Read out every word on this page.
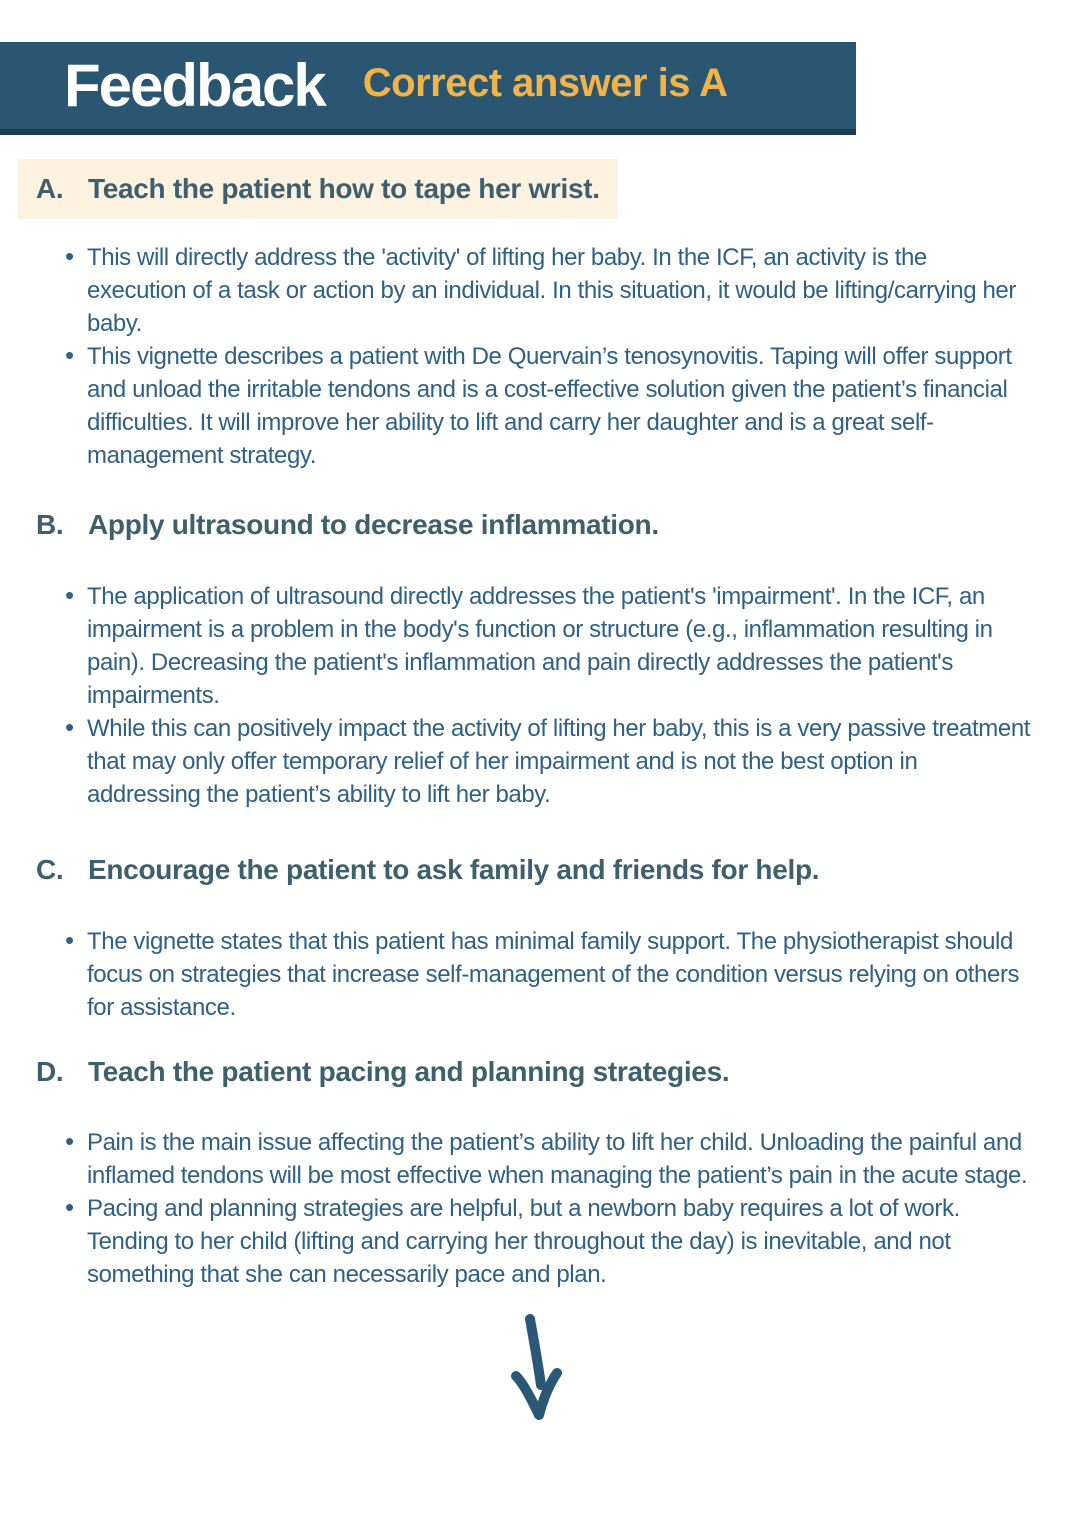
Feedback Correct answer is A
A. Teach the patient how to tape her wrist.
• This will directly address the 'activity' of lifting her baby. In the ICF, an activity is the execution of a task or action by an individual. In this situation, it would be lifting/carrying her baby.
• This vignette describes a patient with De Quervain’s tenosynovitis. Taping will offer support and unload the irritable tendons and is a cost-effective solution given the patient’s financial difficulties. It will improve her ability to lift and carry her daughter and is a great self-management strategy.
B. Apply ultrasound to decrease inflammation.
• The application of ultrasound directly addresses the patient's 'impairment'. In the ICF, an impairment is a problem in the body's function or structure (e.g., inflammation resulting in pain). Decreasing the patient's inflammation and pain directly addresses the patient's impairments.
• While this can positively impact the activity of lifting her baby, this is a very passive treatment that may only offer temporary relief of her impairment and is not the best option in addressing the patient’s ability to lift her baby.
C. Encourage the patient to ask family and friends for help.
• The vignette states that this patient has minimal family support. The physiotherapist should focus on strategies that increase self-management of the condition versus relying on others for assistance.
D. Teach the patient pacing and planning strategies.
• Pain is the main issue affecting the patient’s ability to lift her child. Unloading the painful and inflamed tendons will be most effective when managing the patient’s pain in the acute stage.
• Pacing and planning strategies are helpful, but a newborn baby requires a lot of work. Tending to her child (lifting and carrying her throughout the day) is inevitable, and not something that she can necessarily pace and plan.
